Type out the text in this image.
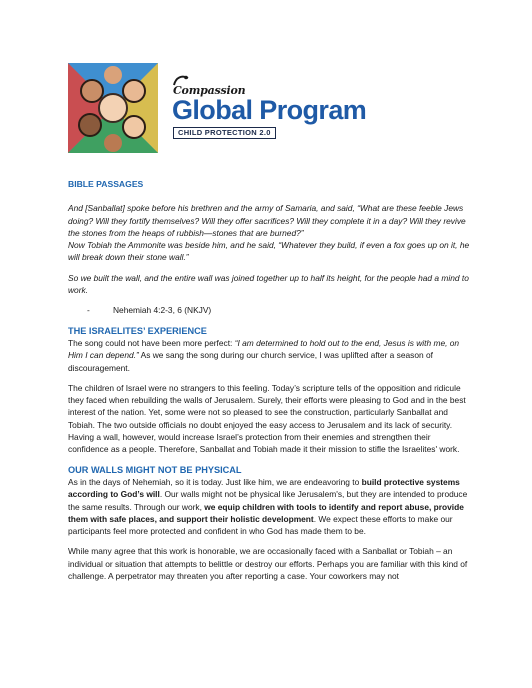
Compassion
Global Program
CHILD PROTECTION 2.0

BIBLE PASSAGES

And [Sanballat] spoke before his brethren and the army of Samaria, and said, “What are these feeble Jews doing? Will they fortify themselves? Will they offer sacrifices? Will they complete it in a day? Will they revive the stones from the heaps of rubbish—stones that are burned?”

Now Tobiah the Ammonite was beside him, and he said, “Whatever they build, if even a fox goes up on it, he will break down their stone wall.”

So we built the wall, and the entire wall was joined together up to half its height, for the people had a mind to work.

-	Nehemiah 4:2-3, 6 (NKJV)

THE ISRAELITES’ EXPERIENCE

The song could not have been more perfect: “I am determined to hold out to the end, Jesus is with me, on Him I can depend.” As we sang the song during our church service, I was uplifted after a season of discouragement.

The children of Israel were no strangers to this feeling. Today’s scripture tells of the opposition and ridicule they faced when rebuilding the walls of Jerusalem. Surely, their efforts were pleasing to God and in the best interest of the nation. Yet, some were not so pleased to see the construction, particularly Sanballat and Tobiah. The two outside officials no doubt enjoyed the easy access to Jerusalem and its lack of security. Having a wall, however, would increase Israel’s protection from their enemies and strengthen their confidence as a people. Therefore, Sanballat and Tobiah made it their mission to stifle the Israelites' work.

OUR WALLS MIGHT NOT BE PHYSICAL

As in the days of Nehemiah, so it is today. Just like him, we are endeavoring to build protective systems according to God’s will. Our walls might not be physical like Jerusalem's, but they are intended to produce the same results. Through our work, we equip children with tools to identify and report abuse, provide them with safe places, and support their holistic development. We expect these efforts to make our participants feel more protected and confident in who God has made them to be.

While many agree that this work is honorable, we are occasionally faced with a Sanballat or Tobiah – an individual or situation that attempts to belittle or destroy our efforts. Perhaps you are familiar with this kind of challenge. A perpetrator may threaten you after reporting a case. Your coworkers may not
